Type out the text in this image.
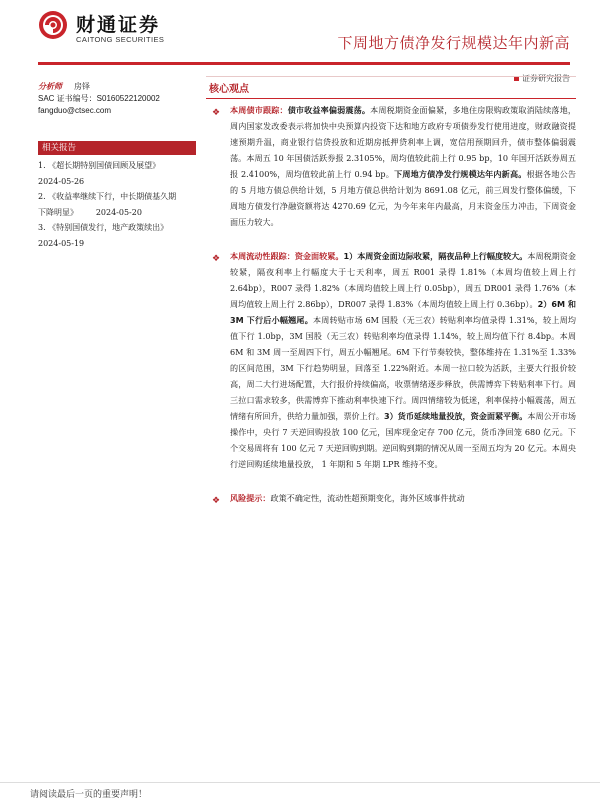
财通证券
CAITONG SECURITIES	下周地方债净发行规模达年内新高
证券研究报告
分析师 房铎
SAC 证书编号：S0160522120002
fangduo@ctsec.com
相关报告
1. 《超长期特别国债回顾及展望》
2024-05-26
2. 《收益率继续下行，中长期债基久期
下降明显》 2024-05-20
3. 《特别国债发行，地产政策续出》
2024-05-19
核心观点

❖	本周债市跟踪：债市收益率偏弱震荡。本周税期资金面偏紧，多地住房限购政策取消陆续落地，周内国家发改委表示将加快中央预算内投资下达和地方政府专项债券发行使用进度，财政融资提速预期升温，商业银行信贷投放和近期房抵押贷利率上调，宽信用预期回升，债市整体偏弱震荡。本周五 10 年国债活跃券报 2.3105%，周均值较此前上行 0.95 bp，10 年国开活跃券周五报 2.4100%，周均值较此前上行 0.94 bp。下周地方债净发行规模达年内新高。根据各地公告的 5 月地方债总供给计划，5 月地方债总供给计划为 8691.08 亿元，前三周发行整体偏缓，下周地方债发行净融资额将达 4270.69 亿元，为今年来年内最高，月末资金压力冲击，下周资金面压力较大。

❖	本周流动性跟踪：资金面较紧。1）本周资金面边际收紧，隔夜品种上行幅度较大。本周税期资金较紧，隔夜利率上行幅度大于七天利率，周五 R001 录得 1.81%（本周均值较上周上行 2.64bp），R007 录得 1.82%（本周均值较上周上行 0.05bp），周五 DR001 录得 1.76%（本周均值较上周上行 2.86bp），DR007 录得 1.83%（本周均值较上周上行 0.36bp）。2）6M 和 3M 下行后小幅翘尾。本周转贴市场 6M 国股（无三农）转贴利率均值录得 1.31%，较上周均值下行 1.0bp，3M 国股（无三农）转贴利率均值录得 1.14%，较上周均值下行 8.4bp。本周 6M 和 3M 周一至周四下行，周五小幅翘尾。6M 下行节奏较快，整体维持在 1.31%至 1.33%的区间范围，3M 下行趋势明显，回落至 1.22%附近。本周一拉口较为活跃，主要大行报价较高，周二大行进场配置，大行报价持续偏高，收票情绪逐步释放，供需博弈下转贴利率下行。周三拉口需求较多，供需博弈下推动利率快速下行。周四情绪较为低迷，利率保持小幅震荡，周五情绪有所回升，供给力量加强，票价上行。3）货币延续地量投放，资金面紧平衡。本周公开市场操作中，央行 7 天逆回购投放 100 亿元，国库现金定存 700 亿元，货币净回笼 680 亿元。下个交易周将有 100 亿元 7 天逆回购到期。逆回购到期的情况从周一至周五均为 20 亿元。本周央行逆回购延续地量投放， 1 年期和 5 年期 LPR 维持不变。

❖	风险提示：政策不确定性，流动性超预期变化，海外区域事件扰动

请阅读最后一页的重要声明！
